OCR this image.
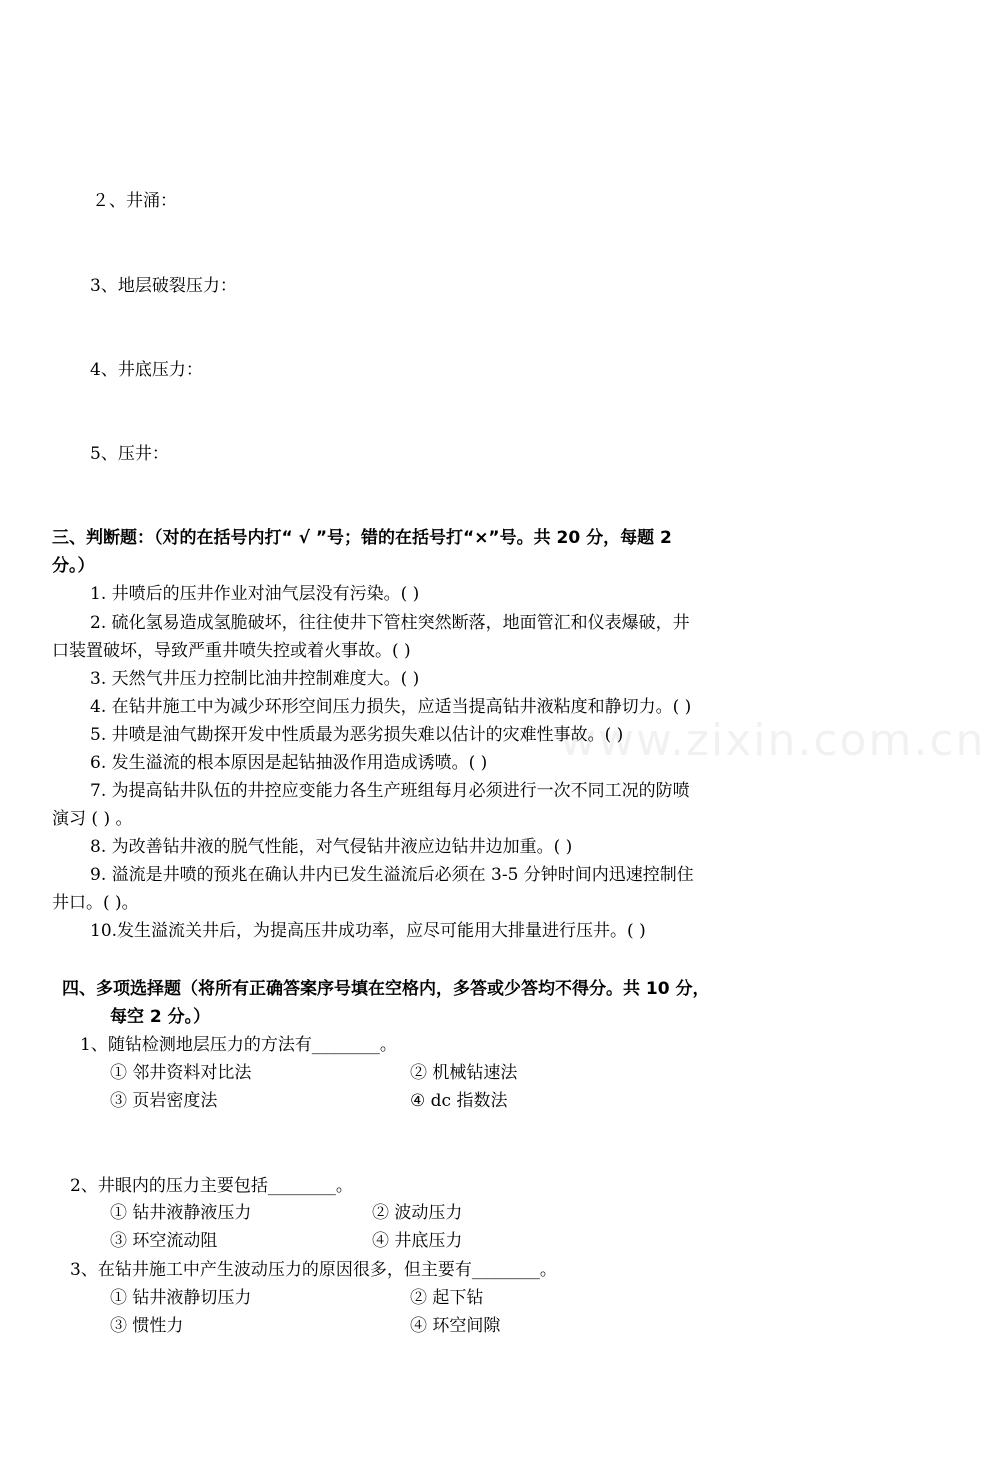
２、井涌：
3、地层破裂压力：
4、井底压力：
5、压井：
三、判断题：（对的在括号内打“ √ ”号；错的在括号打“×”号。共 20 分，每题 2
分。）
1. 井喷后的压井作业对油气层没有污染。( )
2. 硫化氢易造成氢脆破坏，往往使井下管柱突然断落，地面管汇和仪表爆破，井
口装置破坏，导致严重井喷失控或着火事故。( )
3. 天然气井压力控制比油井控制难度大。( )
4. 在钻井施工中为减少环形空间压力损失，应适当提高钻井液粘度和静切力。( )
5. 井喷是油气勘探开发中性质最为恶劣损失难以估计的灾难性事故。( )
6. 发生溢流的根本原因是起钻抽汲作用造成诱喷。( )
7. 为提高钻井队伍的井控应变能力各生产班组每月必须进行一次不同工况的防喷
演习 ( ) 。
8. 为改善钻井液的脱气性能，对气侵钻井液应边钻井边加重。( )
9. 溢流是井喷的预兆在确认井内已发生溢流后必须在 3-5 分钟时间内迅速控制住
井口。( )。
10.发生溢流关井后，为提高压井成功率，应尽可能用大排量进行压井。( )
四、多项选择题（将所有正确答案序号填在空格内，多答或少答均不得分。共 10 分，
每空 2 分。）
1、随钻检测地层压力的方法有________。
① 邻井资料对比法	② 机械钻速法
③ 页岩密度法	④ dc 指数法
2、井眼内的压力主要包括________。
① 钻井液静液压力	② 波动压力
③ 环空流动阻	④ 井底压力
3、在钻井施工中产生波动压力的原因很多，但主要有________。
① 钻井液静切压力	② 起下钻
③ 惯性力	④ 环空间隙
www.zixin.com.cn
